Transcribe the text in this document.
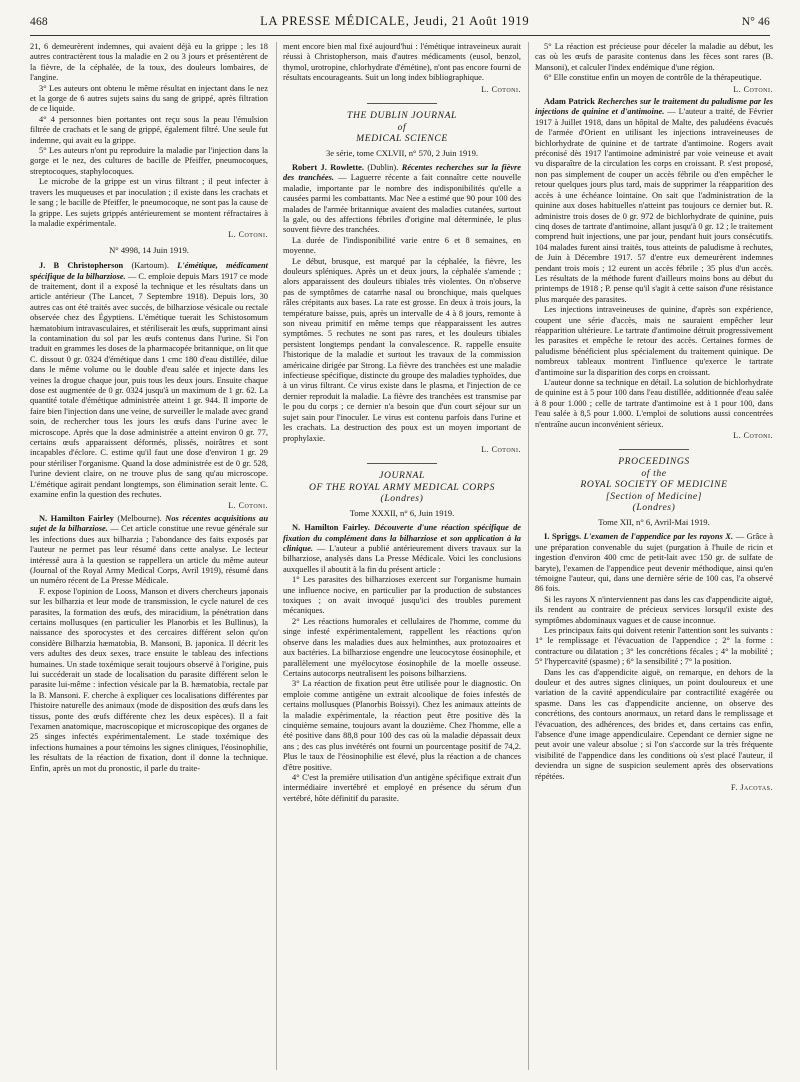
468	LA PRESSE MÉDICALE, Jeudi, 21 Août 1919	N° 46

21, 6 demeurèrent indemnes, qui avaient déjà eu la grippe ; les 18 autres contractèrent tous la maladie en 2 ou 3 jours et présentèrent de la fièvre, de la céphalée, de la toux, des douleurs lombaires, de l'angine.

3° Les auteurs ont obtenu le même résultat en injectant dans le nez et la gorge de 6 autres sujets sains du sang de grippé, après filtration de ce liquide.

4° 4 personnes bien portantes ont reçu sous la peau l'émulsion filtrée de crachats et le sang de grippé, également filtré. Une seule fut indemne, qui avait eu la grippe.

5° Les auteurs n'ont pu reproduire la maladie par l'injection dans la gorge et le nez, des cultures de bacille de Pfeiffer, pneumocoques, streptocoques, staphylocoques.

Le microbe de la grippe est un virus filtrant ; il peut infecter à travers les muqueuses et par inoculation ; il existe dans les crachats et le sang ; le bacille de Pfeiffer, le pneumocoque, ne sont pas la cause de la grippe. Les sujets grippés antérieurement se montent réfractaires à la maladie expérimentale.

L. Cotoni.
N° 4998, 14 Juin 1919.

J. B Christopherson (Kartoum). L'émétique, médicament spécifique de la bilharziose. — C. emploie depuis Mars 1917 ce mode de traitement, dont il a exposé la technique et les résultats dans un article antérieur (The Lancet, 7 Septembre 1918). Depuis lors, 30 autres cas ont été traités avec succès, de bilharziose vésicale ou rectale observée chez des Égyptiens. L'émétique tuerait les Schistosomum hæmatobium intravasculaires, et stériliserait les œufs, supprimant ainsi la contamination du sol par les œufs contenus dans l'urine. Si l'on traduit en grammes les doses de la pharmacopée britannique, on lit que C. dissout 0 gr. 0324 d'émétique dans 1 cmc 180 d'eau distillée, dilue dans le même volume ou le double d'eau salée et injecte dans les veines la drogue chaque jour, puis tous les deux jours. Ensuite chaque dose est augmentée de 0 gr. 0324 jusqu'à un maximum de 1 gr. 62. La quantité totale d'émétique administrée atteint 1 gr. 944. Il importe de faire bien l'injection dans une veine, de surveiller le malade avec grand soin, de rechercher tous les jours les œufs dans l'urine avec le microscope. Après que la dose administrée a atteint environ 0 gr. 77, certains œufs apparaissent déformés, plissés, noirâtres et sont incapables d'éclore. C. estime qu'il faut une dose d'environ 1 gr. 29 pour stériliser l'organisme. Quand la dose administrée est de 0 gr. 528, l'urine devient claire, on ne trouve plus de sang qu'au microscope. L'émétique agirait pendant longtemps, son élimination serait lente. C. examine enfin la question des rechutes.

L. Cotoni.

N. Hamilton Fairley (Melbourne). Nos récentes acquisitions au sujet de la bilharziose. — Cet article constitue une revue générale sur les infections dues aux bilharzia ; l'abondance des faits exposés par l'auteur ne permet pas leur résumé dans cette analyse. Le lecteur intéressé aura à la question se rappellera un article du même auteur (Journal of the Royal Army Medical Corps, Avril 1919), résumé dans un numéro récent de La Presse Médicale.

F. expose l'opinion de Looss, Manson et divers chercheurs japonais sur les bilharzia et leur mode de transmission, le cycle naturel de ces parasites, la formation des œufs, des miracidium, la pénétration dans certains mollusques (en particulier les Planorbis et les Bullinus), la naissance des sporocystes et des cercaires différent selon qu'on considère Bilharzia hæmatobia, B. Mansoni, B. japonica. Il décrit les vers adultes des deux sexes, trace ensuite le tableau des infections humaines. Un stade toxémique serait toujours observé à l'origine, puis lui succéderait un stade de localisation du parasite différent selon le parasite lui-même : infection vésicale par la B. hæmatobia, rectale par la B. Mansoni. F. cherche à expliquer ces localisations différentes par l'histoire naturelle des animaux (mode de disposition des œufs dans les tissus, ponte des œufs différente chez les deux espèces). Il a fait l'examen anatomique, macroscopique et microscopique des organes de 25 singes infectés expérimentalement. Le stade toxémique des infections humaines a pour témoins les signes cliniques, l'éosinophilie, les résultats de la réaction de fixation, dont il donne la technique. Enfin, après un mot du pronostic, il parle du traite-

ment encore bien mal fixé aujourd'hui : l'émétique intraveineux aurait réussi à Christopherson, mais d'autres médicaments (eusol, benzol, thymol, urotropine, chlorhydrate d'émétine), n'ont pas encore fourni de résultats encourageants. Suit un long index bibliographique.

L. Cotoni.
THE DUBLIN JOURNAL
of
MEDICAL SCIENCE
3e série, tome CXLVII, n° 570, 2 Juin 1919.

Robert J. Rowlette. (Dublin). Récentes recherches sur la fièvre des tranchées. — Laguerre récente a fait connaître cette nouvelle maladie, importante par le nombre des indisponibilités qu'elle a causées parmi les combattants. Mac Nee a estimé que 90 pour 100 des malades de l'armée britannique avaient des maladies cutanées, surtout la gale, ou des affections fébriles d'origine mal déterminée, le plus souvent fièvre des tranchées.

La durée de l'indisponibilité varie entre 6 et 8 semaines, en moyenne.

Le début, brusque, est marqué par la céphalée, la fièvre, les douleurs spléniques. Après un et deux jours, la céphalée s'amende ; alors apparaissent des douleurs tibiales très violentes. On n'observe pas de symptômes de catarrhe nasal ou bronchique, mais quelques râles crépitants aux bases. La rate est grosse. En deux à trois jours, la température baisse, puis, après un intervalle de 4 à 8 jours, remonte à son niveau primitif en même temps que réapparaissent les autres symptômes. 5 rechutes ne sont pas rares, et les douleurs tibiales persistent longtemps pendant la convalescence. R. rappelle ensuite l'historique de la maladie et surtout les travaux de la commission américaine dirigée par Strong. La fièvre des tranchées est une maladie infectieuse spécifique, distincte du groupe des maladies typhoïdes, due à un virus filtrant. Ce virus existe dans le plasma, et l'injection de ce dernier reproduit la maladie. La fièvre des tranchées est transmise par le pou du corps ; ce dernier n'a besoin que d'un court séjour sur un sujet sain pour l'inoculer. Le virus est contenu parfois dans l'urine et les crachats. La destruction des poux est un moyen important de prophylaxie.

L. Cotoni.
JOURNAL
OF THE ROYAL ARMY MEDICAL CORPS
(Londres)
Tome XXXII, n° 6, Juin 1919.

N. Hamilton Fairley. Découverte d'une réaction spécifique de fixation du complément dans la bilharziose et son application à la clinique. — L'auteur a publié antérieurement divers travaux sur la bilharziose, analysés dans La Presse Médicale. Voici les conclusions auxquelles il aboutit à la fin du présent article :

1° Les parasites des bilharzioses exercent sur l'organisme humain une influence nocive, en particulier par la production de substances toxiques ; on avait invoqué jusqu'ici des troubles purement mécaniques.

2° Les réactions humorales et cellulaires de l'homme, comme du singe infesté expérimentalement, rappellent les réactions qu'on observe dans les maladies dues aux helminthes, aux protozoaires et aux bactéries. La bilharziose engendre une leucocytose éosinophile, et parallèlement une myélocytose éosinophile de la moelle osseuse. Certains autocorps neutralisent les poisons bilharziens.

3° La réaction de fixation peut être utilisée pour le diagnostic. On emploie comme antigène un extrait alcoolique de foies infestés de certains mollusques (Planorbis Boissyi). Chez les animaux atteints de la maladie expérimentale, la réaction peut être positive dès la cinquième semaine, toujours avant la douzième. Chez l'homme, elle a été positive dans 88,8 pour 100 des cas où la maladie dépassait deux ans ; des cas plus invétérés ont fourni un pourcentage positif de 74,2. Plus le taux de l'éosinophilie est élevé, plus la réaction a de chances d'être positive.

4° C'est la première utilisation d'un antigène spécifique extrait d'un intermédiaire invertébré et employé en présence du sérum d'un vertébré, hôte définitif du parasite.

5° La réaction est précieuse pour déceler la maladie au début, les cas où les œufs de parasite contenus dans les fèces sont rares (B. Mansoni), et calculer l'index endémique d'une région.

6° Elle constitue enfin un moyen de contrôle de la thérapeutique.

L. Cotoni.

Adam Patrick Recherches sur le traitement du paludisme par les injections de quinine et d'antimoine. — L'auteur a traité, de Février 1917 à Juillet 1918, dans un hôpital de Malte, des paludéens évacués de l'armée d'Orient en utilisant les injections intraveineuses de bichlorhydrate de quinine et de tartrate d'antimoine. Rogers avait préconisé dès 1917 l'antimoine administré par voie veineuse et avait vu disparaître de la circulation les corps en croissant. P. s'est proposé, non pas simplement de couper un accès fébrile ou d'en empêcher le retour quelques jours plus tard, mais de supprimer la réapparition des accès à une échéance lointaine. On sait que l'administration de la quinine aux doses habituelles n'atteint pas toujours ce dernier but. R. administre trois doses de 0 gr. 972 de bichlorhydrate de quinine, puis cinq doses de tartrate d'antimoine, allant jusqu'à 0 gr. 12 ; le traitement comprend huit injections, une par jour, pendant huit jours consécutifs. 104 malades furent ainsi traités, tous atteints de paludisme à rechutes, de Juin à Décembre 1917. 57 d'entre eux demeurèrent indemnes pendant trois mois ; 12 eurent un accès fébrile ; 35 plus d'un accès. Les résultats de la méthode furent d'ailleurs moins bons au début du printemps de 1918 ; P. pense qu'il s'agit à cette saison d'une résistance plus marquée des parasites.

Les injections intraveineuses de quinine, d'après son expérience, coupent une série d'accès, mais ne sauraient empêcher leur réapparition ultérieure. Le tartrate d'antimoine détruit progressivement les parasites et empêche le retour des accès. Certaines formes de paludisme bénéficient plus spécialement du traitement quinique. De nombreux tableaux montrent l'influence qu'exerce le tartrate d'antimoine sur la disparition des corps en croissant.

L'auteur donne sa technique en détail. La solution de bichlorhydrate de quinine est à 5 pour 100 dans l'eau distillée, additionnée d'eau salée à 8 pour 1.000 ; celle de tartrate d'antimoine est à 1 pour 100, dans l'eau salée à 8,5 pour 1.000. L'emploi de solutions aussi concentrées n'entraîne aucun inconvénient sérieux.

L. Cotoni.
PROCEEDINGS
of the
ROYAL SOCIETY OF MEDICINE
[Section of Medicine]
(Londres)
Tome XII, n° 6, Avril-Mai 1919.

I. Spriggs. L'examen de l'appendice par les rayons X. — Grâce à une préparation convenable du sujet (purgation à l'huile de ricin et ingestion d'environ 400 cmc de petit-lait avec 150 gr. de sulfate de baryte), l'examen de l'appendice peut devenir méthodique, ainsi qu'en témoigne l'auteur, qui, dans une dernière série de 100 cas, l'a observé 86 fois.

Si les rayons X n'interviennent pas dans les cas d'appendicite aiguë, ils rendent au contraire de précieux services lorsqu'il existe des symptômes abdominaux vagues et de cause inconnue.

Les principaux faits qui doivent retenir l'attention sont les suivants : 1° le remplissage et l'évacuation de l'appendice ; 2° la forme : contracture ou dilatation ; 3° les concrétions fécales ; 4° la mobilité ; 5° l'hypercavité (spasme) ; 6° la sensibilité ; 7° la position.

Dans les cas d'appendicite aiguë, on remarque, en dehors de la douleur et des autres signes cliniques, un point douloureux et une variation de la cavité appendiculaire par contractilité exagérée ou spasme. Dans les cas d'appendicite ancienne, on observe des concrétions, des contours anormaux, un retard dans le remplissage et l'évacuation, des adhérences, des brides et, dans certains cas enfin, l'absence d'une image appendiculaire. Cependant ce dernier signe ne peut avoir une valeur absolue ; si l'on s'accorde sur la très fréquente visibilité de l'appendice dans les conditions où s'est placé l'auteur, il deviendra un signe de suspicion seulement après des observations répétées.

F. Jacotas.
